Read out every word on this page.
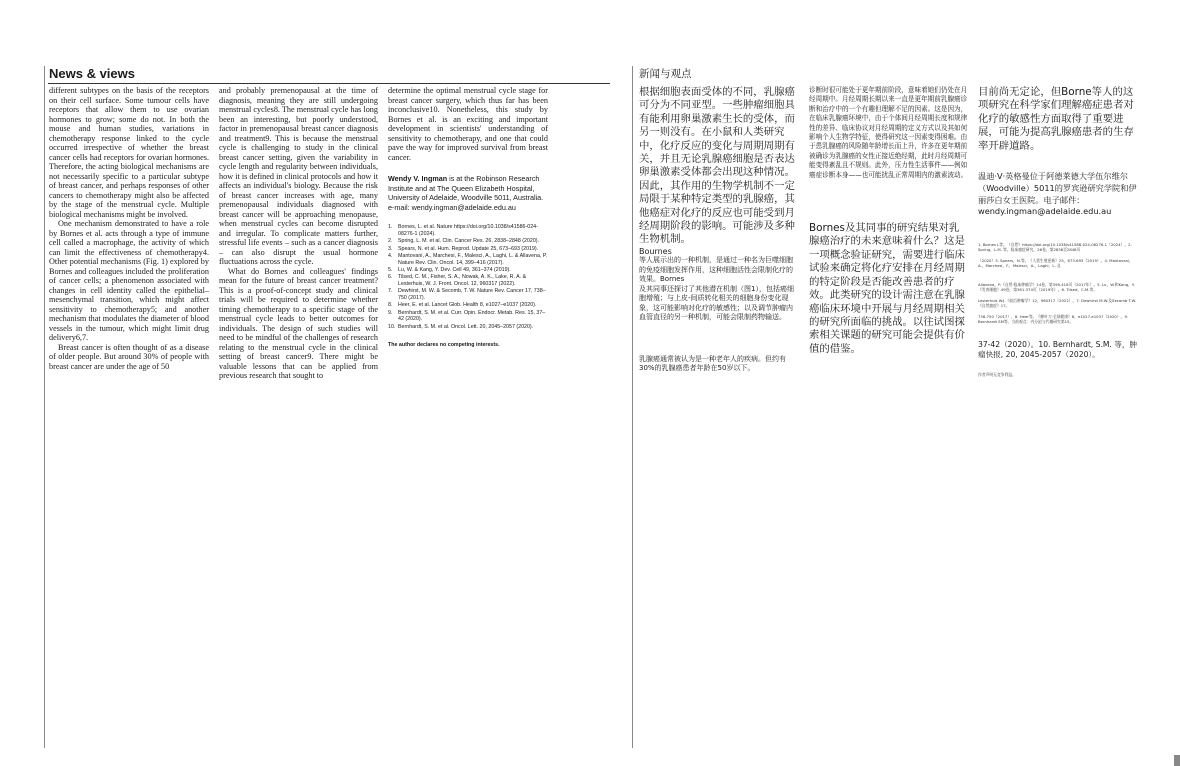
News & views

different subtypes on the basis of the receptors on their cell surface. Some tumour cells have receptors that allow them to use ovarian hormones to grow; some do not. In both the mouse and human studies, variations in chemotherapy response linked to the cycle occurred irrespective of whether the breast cancer cells had receptors for ovarian hormones. Therefore, the acting biological mechanisms are not necessarily specific to a particular subtype of breast cancer, and perhaps responses of other cancers to chemotherapy might also be affected by the stage of the menstrual cycle. Multiple biological mechanisms might be involved.

One mechanism demonstrated to have a role by Bornes et al. acts through a type of immune cell called a macrophage, the activity of which can limit the effectiveness of chemotherapy4. Other potential mechanisms (Fig. 1) explored by Bornes and colleagues included the proliferation of cancer cells; a phenomenon associated with changes in cell identity called the epithelial–mesenchymal transition, which might affect sensitivity to chemotherapy5; and another mechanism that modulates the diameter of blood vessels in the tumour, which might limit drug delivery6,7.

Breast cancer is often thought of as a disease of older people. But around 30% of people with breast cancer are under the age of 50

and probably premenopausal at the time of diagnosis, meaning they are still undergoing menstrual cycles8. The menstrual cycle has long been an interesting, but poorly understood, factor in premenopausal breast cancer diagnosis and treatment9. This is because the menstrual cycle is challenging to study in the clinical breast cancer setting, given the variability in cycle length and regularity between individuals, how it is defined in clinical protocols and how it affects an individual's biology. Because the risk of breast cancer increases with age, many premenopausal individuals diagnosed with breast cancer will be approaching menopause, when menstrual cycles can become disrupted and irregular. To complicate matters further, stressful life events – such as a cancer diagnosis – can also disrupt the usual hormone fluctuations across the cycle.

What do Bornes and colleagues' findings mean for the future of breast cancer treatment? This is a proof-of-concept study and clinical trials will be required to determine whether timing chemotherapy to a specific stage of the menstrual cycle leads to better outcomes for individuals. The design of such studies will need to be mindful of the challenges of research relating to the menstrual cycle in the clinical setting of breast cancer9. There might be valuable lessons that can be applied from previous research that sought to

determine the optimal menstrual cycle stage for breast cancer surgery, which thus far has been inconclusive10. Nonetheless, this study by Bornes et al. is an exciting and important development in scientists' understanding of sensitivity to chemotherapy, and one that could pave the way for improved survival from breast cancer.
Wendy V. Ingman is at the Robinson Research Institute and at The Queen Elizabeth Hospital, University of Adelaide, Woodville 5011, Australia.
e-mail: wendy.ingman@adelaide.edu.au
1.	Bornes, L. et al. Nature https://doi.org/10.1038/s41586-024-08276-1 (2024).
2.	Spring, L. M. et al. Clin. Cancer Res. 26, 2838–2848 (2020).
3.	Spears, N. et al. Hum. Reprod. Update 25, 673–693 (2019).
4.	Mantovani, A., Marchesi, F., Malesci, A., Laghi, L. & Allavena, P. Nature Rev. Clin. Oncol. 14, 399–416 (2017).
5.	Lu, W. & Kang, Y. Dev. Cell 49, 361–374 (2019).
6.	Tilsed, C. M., Fisher, S. A., Nowak, A. K., Lake, R. A. & Lesterhuis, W. J. Front. Oncol. 12, 960317 (2022).
7.	Dewhirst, M. W. & Secomb, T. W. Nature Rev. Cancer 17, 738–750 (2017).
8.	Heer, E. et al. Lancet Glob. Health 8, e1027–e1037 (2020).
9.	Bernhardt, S. M. et al. Curr. Opin. Endocr. Metab. Res. 15, 37–42 (2020).
10. Bernhardt, S. M. et al. Oncol. Lett. 20, 2045–2057 (2020).
The author declares no competing interests.
新闻与观点
根据细胞表面受体的不同，乳腺癌可分为不同亚型。一些肿瘤细胞具有能利用卵巢激素生长的受体，而另一则没有。在小鼠和人类研究中，化疗反应的变化与周期周期有关，并且无论乳腺癌细胞是否表达卵巢激素受体都会出现这种情况。因此，其作用的生物学机制不一定局限于某种特定类型的乳腺癌，其他癌症对化疗的反应也可能受到月经周期阶段的影响。可能涉及多种生物机制。
Bournes
等人展示出的一种机制，是通过一种名为巨噬细胞的免疫细胞发挥作用，这种细胞活性会限制化疗的效果。Bornes
及其同事还探讨了其他潜在机制（图1），包括癌细胞增殖；与上皮-间质转化相关的细胞身份变化现象，这可能影响对化疗的敏感性；以及调节肿瘤内血管直径的另一种机制，可能会限制药物输送。
乳腺癌通常被认为是一种老年人的疾病。但约有30%的乳腺癌患者年龄在50岁以下。
诊断时很可能处于更年期前阶段，意味着她们仍处在月经周期中。月经周期长期以来一直是更年期前乳腺癌诊断和治疗中的一个有趣但理解不足的因素。这是因为，在临床乳腺癌环境中，由于个体间月经周期长度和规律性的差异、临床协议对月经周期的定义方式以及其如何影响个人生物学特征，使得研究这一因素变得困难。由于患乳腺癌的风险随年龄增长而上升，许多在更年期前被确诊为乳腺癌的女性正接近绝经期，此时月经周期可能变得紊乱且不规则。此外，压力性生活事件——例如癌症诊断本身——也可能扰乱正常周期内的激素波动。
Bornes及其同事的研究结果对乳腺癌治疗的未来意味着什么？这是一项概念验证研究，需要进行临床试验来确定将化疗安排在月经周期的特定阶段是否能改善患者的疗效。此类研究的设计需注意在乳腺癌临床环境中开展与月经周期相关的研究所面临的挑战。以往试图探索相关课题的研究可能会提供有价值的借鉴。
目前尚无定论，但Borne等人的这项研究在科学家们理解癌症患者对化疗的敏感性方面取得了重要进展，可能为提高乳腺癌患者的生存率开辟道路。
温迪·V·英格曼位于阿德莱德大学伍尔维尔（Woodville）5011的罗宾逊研究学院和伊丽莎白女王医院。电子邮件：wendy.ingman@adelaide.edu.au
1. Bornes L等。《自然》https://doi.org/10.1038/s41586-024-08276-1（2024）。2. Spring，L.M. 等。临床癌症研究，26卷，第2838至2848页
（2020）3. Spears，N.等。《人类生殖更新》25，673-693（2019）。4. Mantovani，A.，Marchesi，F.，Malesci，A.，Laghi，L. 及
Allavena，P.《自然·临床肿瘤学》14卷，第399-416页（2017年）。5. Lu，W.和Kang，Y.《发育细胞》49卷，第361-374页（2019年）。6. Tilsed，C.M.等。
Lesterhuis W.J.《前沿肿瘤学》12，960317（2022）。7. Dewhirst M.W.及Secomb T.W.《自然癌症》17。
738-750（2017），8. Heer等。《柳叶刀·全球健康》8，e1027-e1037（2020）。9. Bernhardt SM等。当前观点：内分泌与代谢研究第15。
37-42（2020）。10. Bernhardt, S.M. 等，肿瘤快报, 20, 2045-2057（2020）。
作者声明无竞争利益。
